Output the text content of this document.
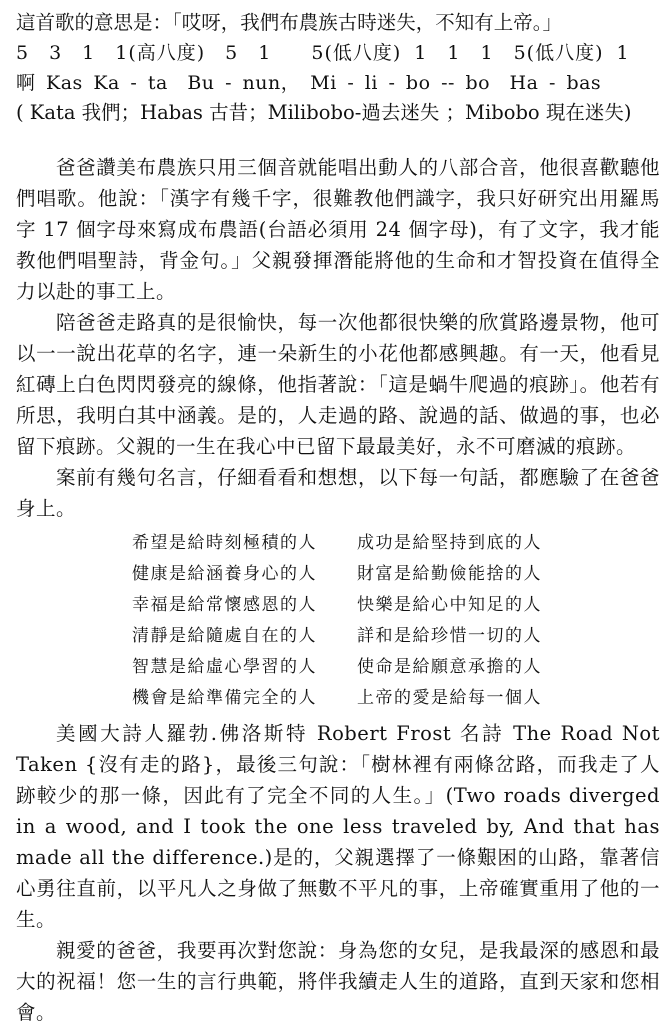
這首歌的意思是：「哎呀，我們布農族古時迷失，不知有上帝。」
5　3　1　1(高八度)　5　1　　5(低八度) 1　1　1　5(低八度) 1
啊 Kas Ka - ta　Bu - nun，　Mi - li - bo -- bo　Ha - bas
( Kata 我們；Habas 古昔；Milibobo-過去迷失 ；Mibobo 現在迷失)

爸爸讚美布農族只用三個音就能唱出動人的八部合音，他很喜歡聽他們唱歌。他說：「漢字有幾千字，很難教他們識字，我只好研究出用羅馬字 17 個字母來寫成布農語(台語必須用 24 個字母)，有了文字，我才能教他們唱聖詩，背金句。」父親發揮潛能將他的生命和才智投資在值得全力以赴的事工上。

陪爸爸走路真的是很愉快，每一次他都很快樂的欣賞路邊景物，他可以一一說出花草的名字，連一朵新生的小花他都感興趣。有一天，他看見紅磚上白色閃閃發亮的線條，他指著說：「這是蝸牛爬過的痕跡」。他若有所思，我明白其中涵義。是的，人走過的路、說過的話、做過的事，也必留下痕跡。父親的一生在我心中已留下最最美好，永不可磨滅的痕跡。

案前有幾句名言，仔細看看和想想，以下每一句話，都應驗了在爸爸身上。

希望是給時刻極積的人 成功是給堅持到底的人
健康是給涵養身心的人 財富是給勤儉能捨的人
幸福是給常懷感恩的人 快樂是給心中知足的人
清靜是給隨處自在的人 詳和是給珍惜一切的人
智慧是給虛心學習的人 使命是給願意承擔的人
機會是給準備完全的人 上帝的愛是給每一個人

美國大詩人羅勃.佛洛斯特 Robert Frost 名詩 The Road Not Taken {沒有走的路}，最後三句說：「樹林裡有兩條岔路，而我走了人跡較少的那一條，因此有了完全不同的人生。」(Two roads diverged in a wood, and I took the one less traveled by, And that has made all the difference.)是的，父親選擇了一條艱困的山路，靠著信心勇往直前，以平凡人之身做了無數不平凡的事，上帝確實重用了他的一生。

親愛的爸爸，我要再次對您說：身為您的女兒，是我最深的感恩和最大的祝福！您一生的言行典範，將伴我續走人生的道路，直到天家和您相會。
